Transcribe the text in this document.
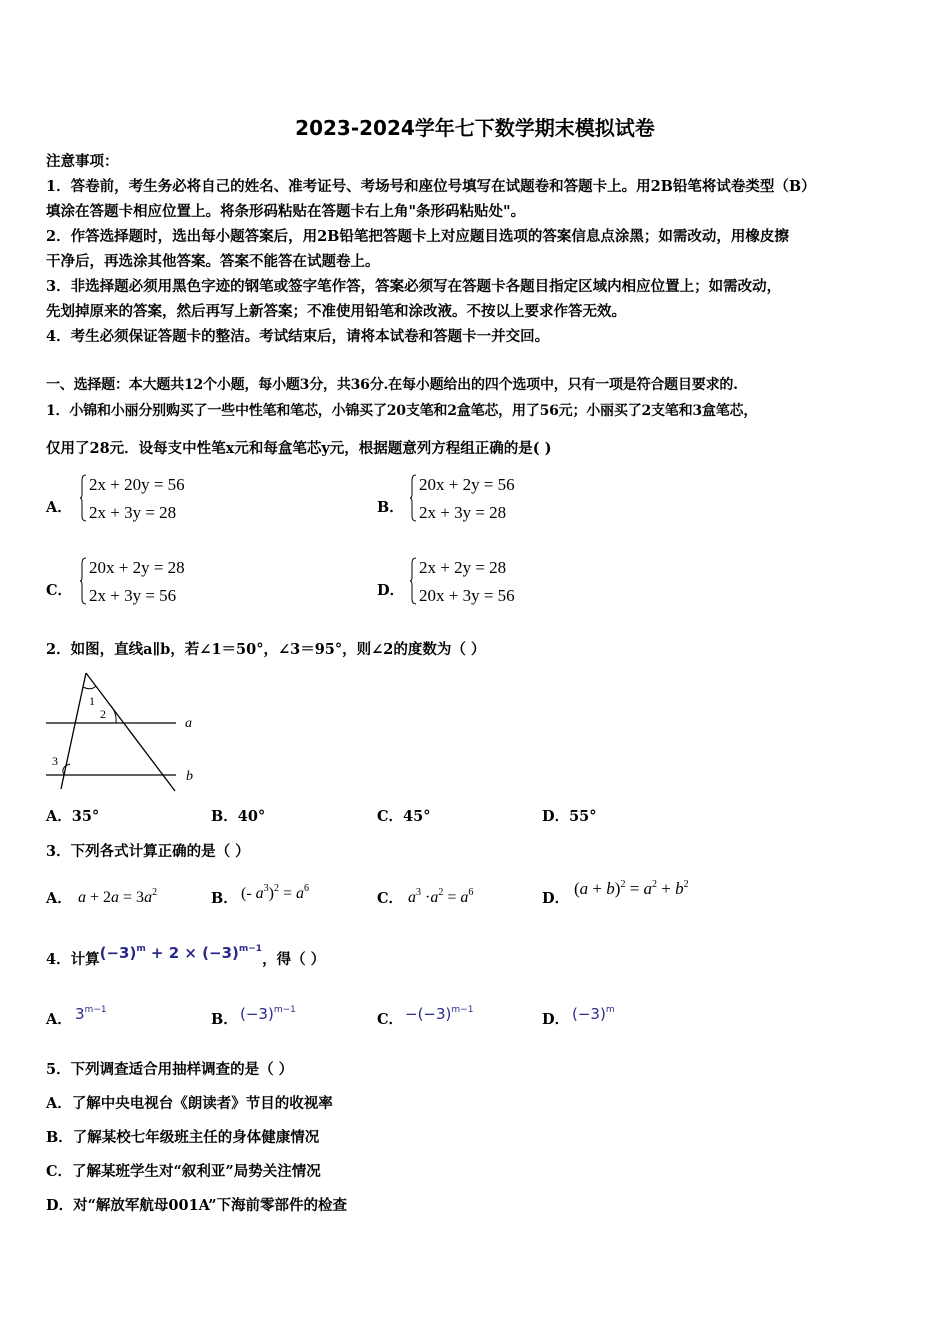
2023-2024学年七下数学期末模拟试卷
注意事项：
1．答卷前，考生务必将自己的姓名、准考证号、考场号和座位号填写在试题卷和答题卡上。用2B铅笔将试卷类型（B）
填涂在答题卡相应位置上。将条形码粘贴在答题卡右上角"条形码粘贴处"。
2．作答选择题时，选出每小题答案后，用2B铅笔把答题卡上对应题目选项的答案信息点涂黑；如需改动，用橡皮擦
干净后，再选涂其他答案。答案不能答在试题卷上。
3．非选择题必须用黑色字迹的钢笔或签字笔作答，答案必须写在答题卡各题目指定区域内相应位置上；如需改动，
先划掉原来的答案，然后再写上新答案；不准使用铅笔和涂改液。不按以上要求作答无效。
4．考生必须保证答题卡的整洁。考试结束后，请将本试卷和答题卡一并交回。
一、选择题：本大题共12个小题，每小题3分，共36分.在每小题给出的四个选项中，只有一项是符合题目要求的.
1．小锦和小丽分别购买了一些中性笔和笔芯，小锦买了20支笔和2盒笔芯，用了56元；小丽买了2支笔和3盒笔芯，
仅用了28元．设每支中性笔x元和每盒笔芯y元，根据题意列方程组正确的是( )
A．
2x + 20y = 56
2x + 3y = 28	B．
20x + 2y = 56
2x + 3y = 28
C．
20x + 2y = 28
2x + 3y = 56	D．
2x + 2y = 28
20x + 3y = 56
2．如图，直线a∥b，若∠1＝50°，∠3＝95°，则∠2的度数为（ ）
1
2
3
a
b
A．35°	B．40°	C．45°	D．55°
3．下列各式计算正确的是（ ）
A． $a + 2a = 3a^2$	B． (- $a^3)^2 = a^6$
C． $a^3 \cdot a^2 = a^6$	D．
$(a + b)^2 = a^2 + b^2$
4．计算$(-3)^m + 2 \times (-3)^{m-1}$，得（ ）
A． $3^{m-1}$
B． $(-3)^{m-1}$
C． $-(-3)^{m-1}$
D． $(-3)^m$
5．下列调查适合用抽样调查的是（ ）
A．了解中央电视台《朗读者》节目的收视率
B．了解某校七年级班主任的身体健康情况
C．了解某班学生对“叙利亚”局势关注情况
D．对“解放军航母001A”下海前零部件的检查
